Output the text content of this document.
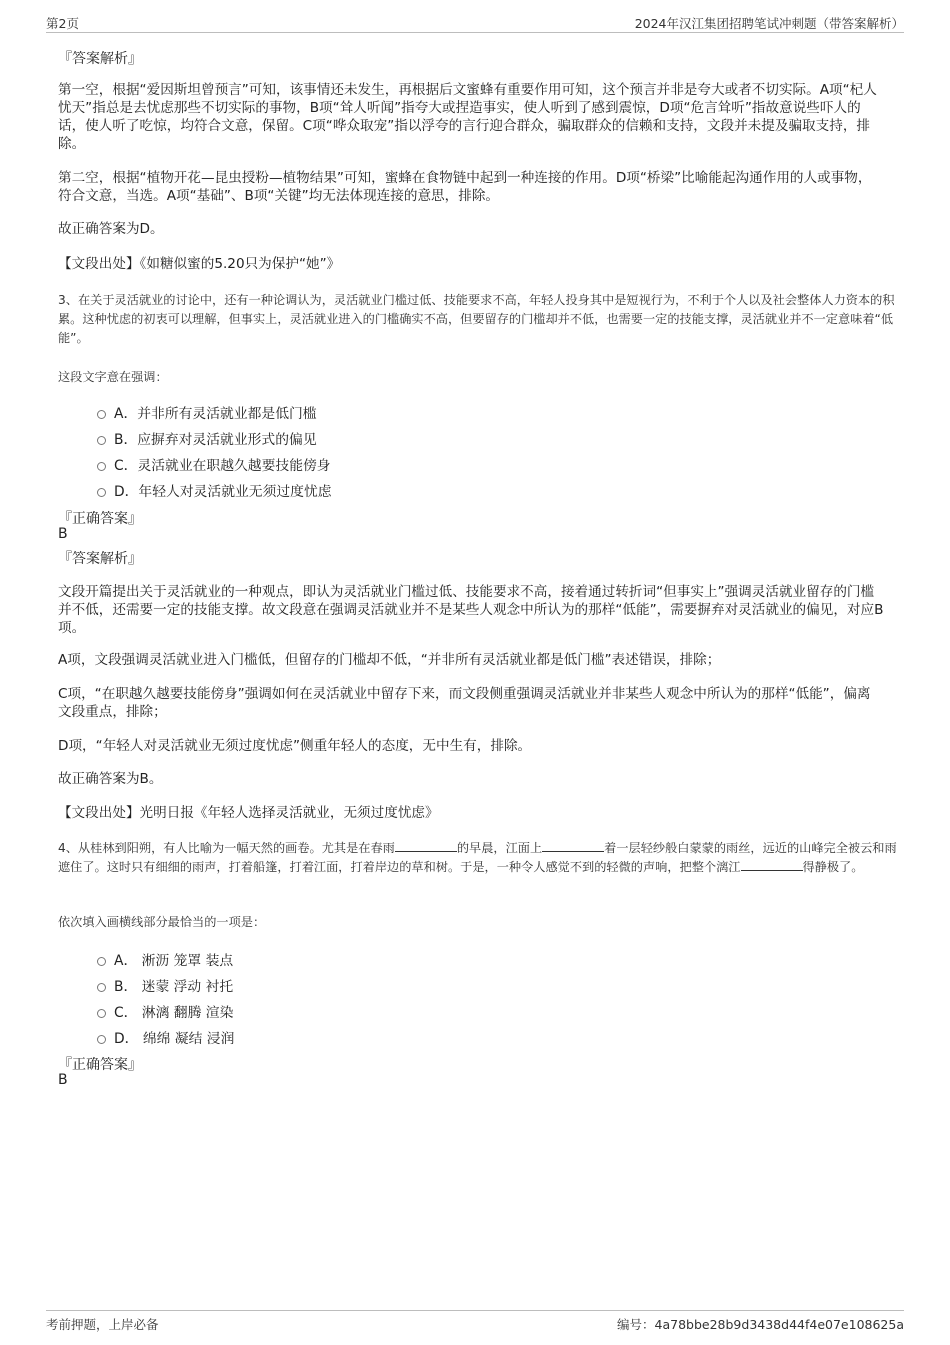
第2页	2024年汉江集团招聘笔试冲刺题（带答案解析）
『答案解析』
第一空，根据“爱因斯坦曾预言”可知，该事情还未发生，再根据后文蜜蜂有重要作用可知，这个预言并非是夸大或者不切实际。A项“杞人忧天”指总是去忧虑那些不切实际的事物，B项“耸人听闻”指夸大或捏造事实，使人听到了感到震惊，D项“危言耸听”指故意说些吓人的话，使人听了吃惊，均符合文意，保留。C项“哗众取宠”指以浮夸的言行迎合群众，骗取群众的信赖和支持，文段并未提及骗取支持，排除。
第二空，根据“植物开花—昆虫授粉—植物结果”可知，蜜蜂在食物链中起到一种连接的作用。D项“桥梁”比喻能起沟通作用的人或事物，符合文意，当选。A项“基础”、B项“关键”均无法体现连接的意思，排除。
故正确答案为D。
【文段出处】《如糖似蜜的5.20只为保护“她”》
3、在关于灵活就业的讨论中，还有一种论调认为，灵活就业门槛过低、技能要求不高，年轻人投身其中是短视行为，不利于个人以及社会整体人力资本的积累。这种忧虑的初衷可以理解，但事实上，灵活就业进入的门槛确实不高，但要留存的门槛却并不低，也需要一定的技能支撑，灵活就业并不一定意味着“低能”。
这段文字意在强调：
A．并非所有灵活就业都是低门槛
B．应摒弃对灵活就业形式的偏见
C．灵活就业在职越久越要技能傍身
D．年轻人对灵活就业无须过度忧虑
『正确答案』
B
『答案解析』
文段开篇提出关于灵活就业的一种观点，即认为灵活就业门槛过低、技能要求不高，接着通过转折词“但事实上”强调灵活就业留存的门槛并不低，还需要一定的技能支撑。故文段意在强调灵活就业并不是某些人观念中所认为的那样“低能”，需要摒弃对灵活就业的偏见，对应B项。
A项，文段强调灵活就业进入门槛低，但留存的门槛却不低，“并非所有灵活就业都是低门槛”表述错误，排除；
C项，“在职越久越要技能傍身”强调如何在灵活就业中留存下来，而文段侧重强调灵活就业并非某些人观念中所认为的那样“低能”，偏离文段重点，排除；
D项，“年轻人对灵活就业无须过度忧虑”侧重年轻人的态度，无中生有，排除。
故正确答案为B。
【文段出处】光明日报《年轻人选择灵活就业，无须过度忧虑》
4、从桂林到阳朔，有人比喻为一幅天然的画卷。尤其是在春雨	的早晨，江面上	着一层轻纱般白蒙蒙的雨丝，远近的山峰完全被云和雨遮住了。这时只有细细的雨声，打着船篷，打着江面，打着岸边的草和树。于是，一种令人感觉不到的轻微的声响，把整个漓江	得静极了。
依次填入画横线部分最恰当的一项是：
A． 淅沥 笼罩 装点
B． 迷蒙 浮动 衬托
C． 淋漓 翻腾 渲染
D． 绵绵 凝结 浸润
『正确答案』
B
考前押题，上岸必备	编号：4a78bbe28b9d3438d44f4e07e108625a
